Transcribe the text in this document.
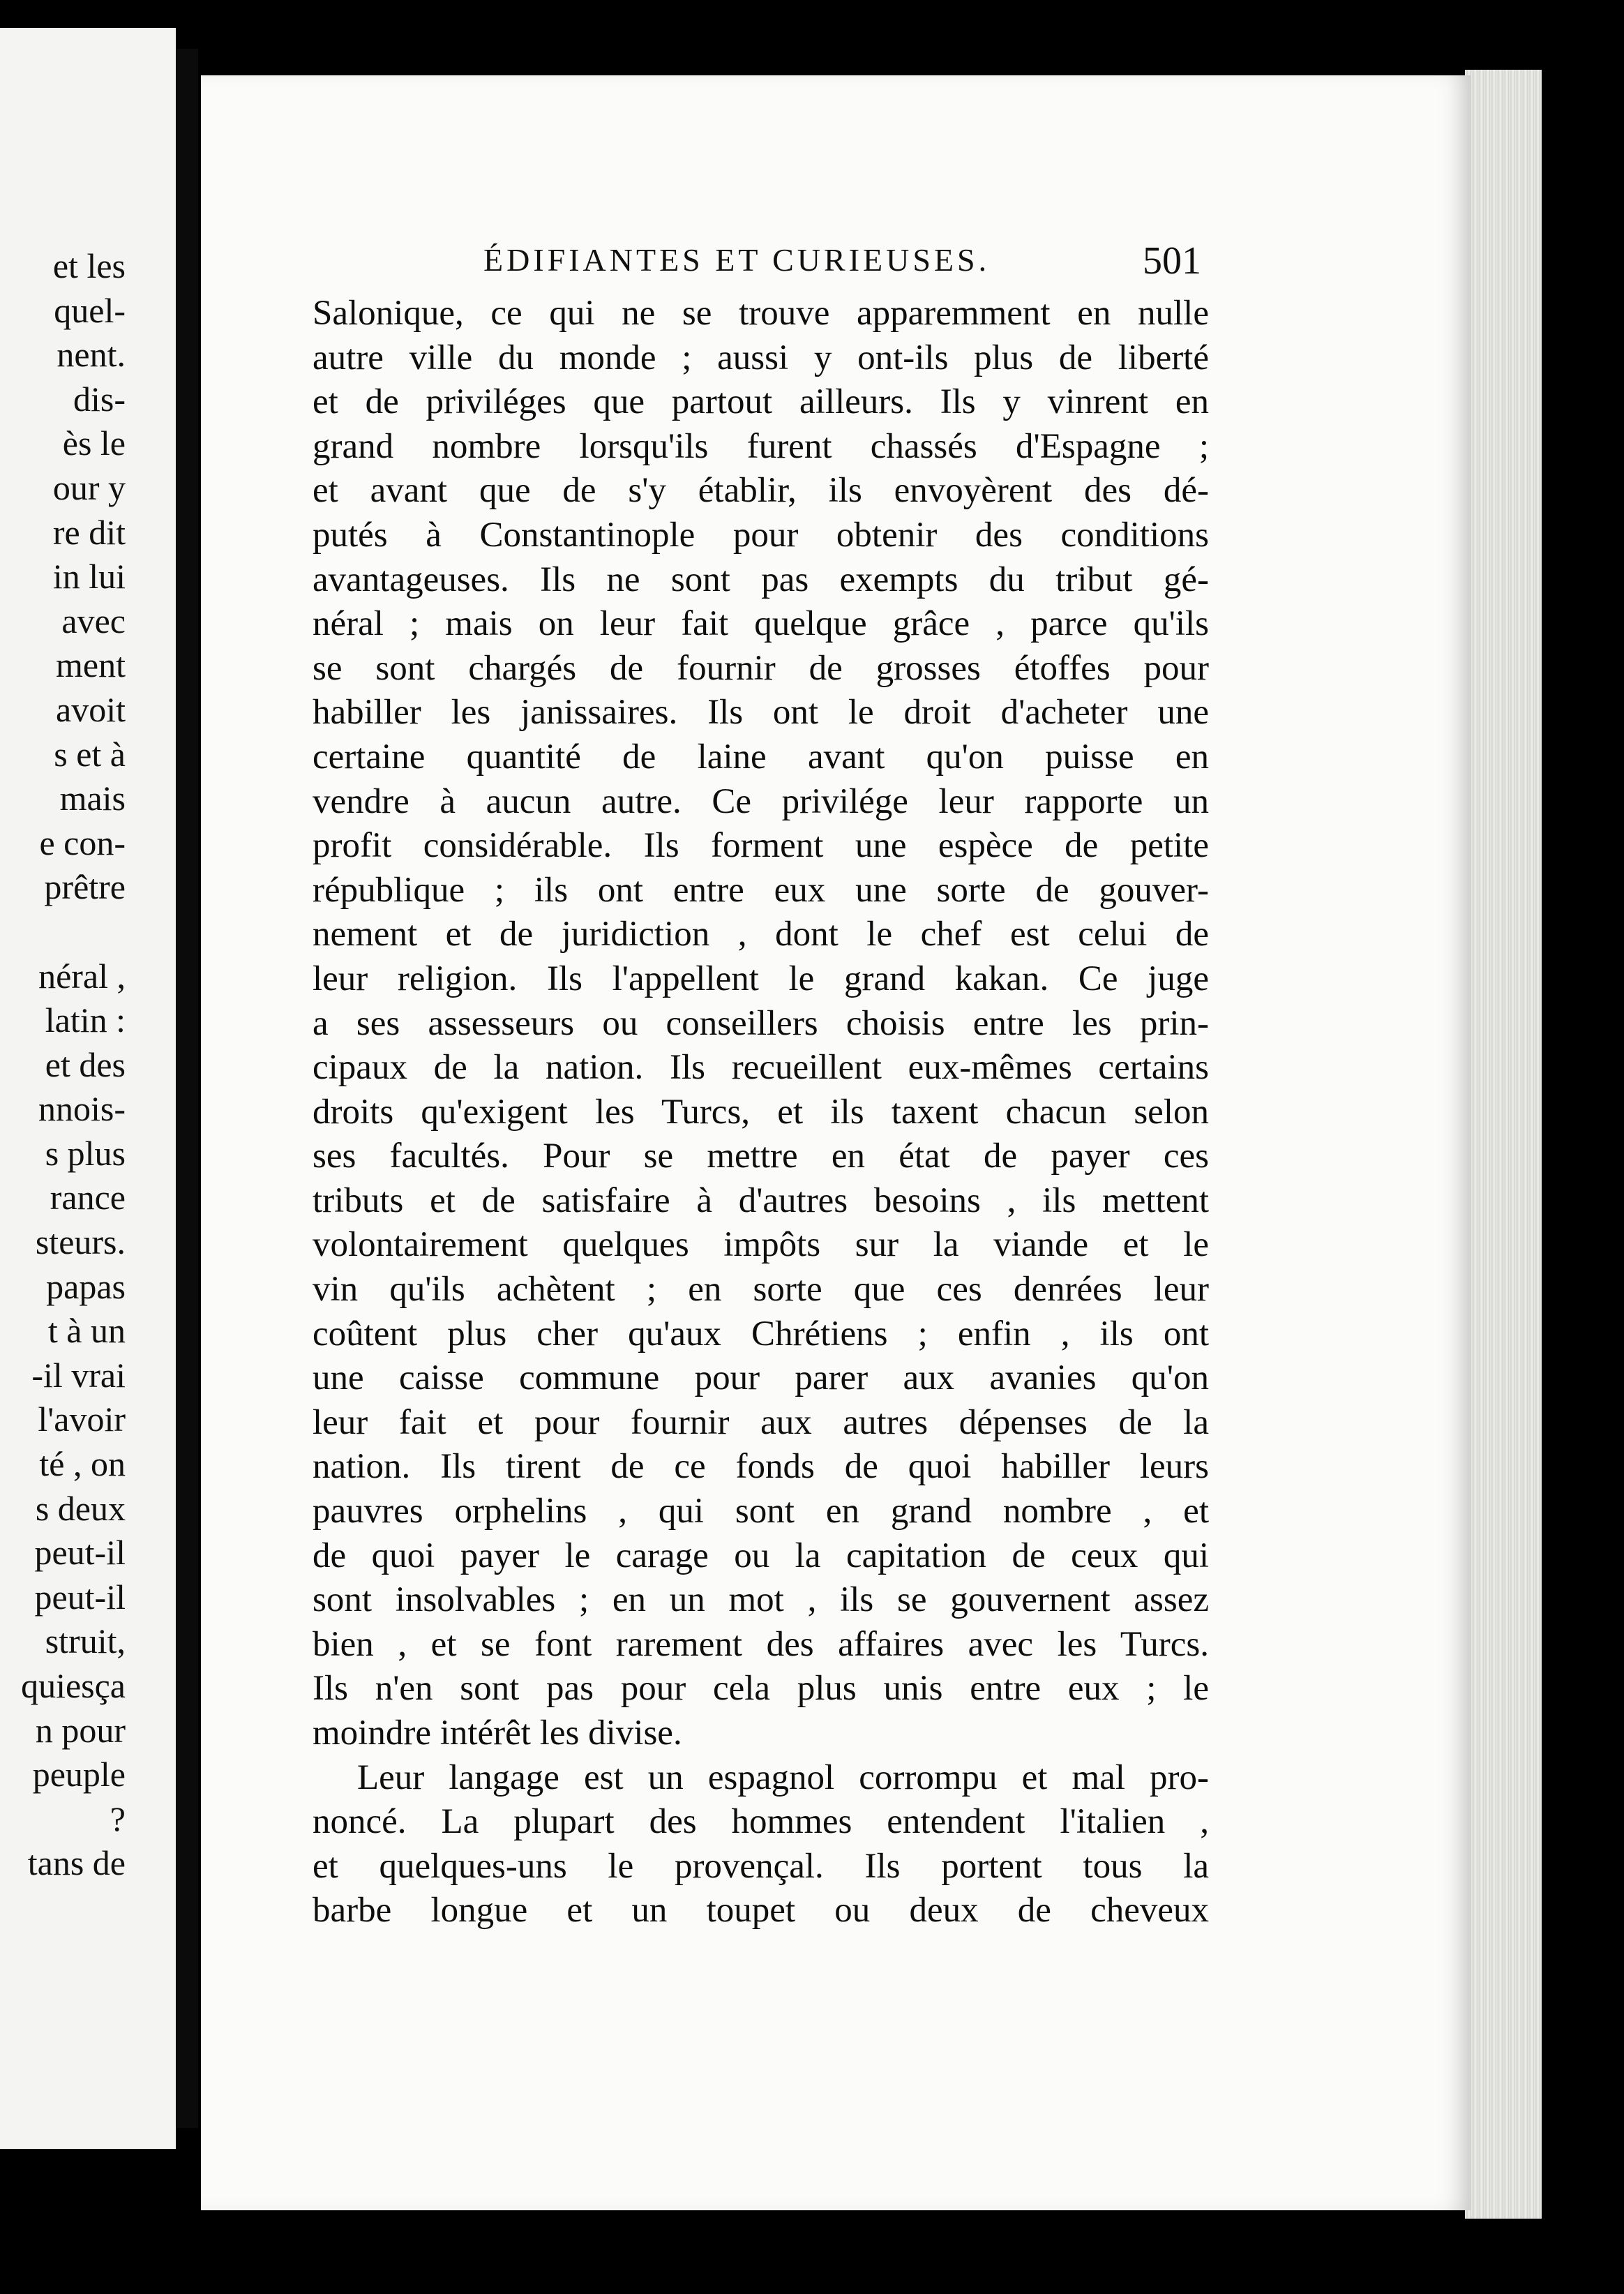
et les
quel-
nent.
dis-
ès le
our y
re dit
in lui
avec
ment
avoit
s et à
mais
e con-
prêtre
néral ,
latin :
et des
nnois-
s plus
rance
steurs.
papas
t à un
-il vrai
l'avoir
té , on
s deux
peut-il
peut-il
struit,
quiesça
n pour
peuple
?
tans de
ÉDIFIANTES ET CURIEUSES.	501
Salonique, ce qui ne se trouve apparemment en nulle
autre ville du monde ; aussi y ont-ils plus de liberté
et de priviléges que partout ailleurs. Ils y vinrent en
grand nombre lorsqu'ils furent chassés d'Espagne ;
et avant que de s'y établir, ils envoyèrent des dé-
putés à Constantinople pour obtenir des conditions
avantageuses. Ils ne sont pas exempts du tribut gé-
néral ; mais on leur fait quelque grâce , parce qu'ils
se sont chargés de fournir de grosses étoffes pour
habiller les janissaires. Ils ont le droit d'acheter une
certaine quantité de laine avant qu'on puisse en
vendre à aucun autre. Ce privilége leur rapporte un
profit considérable. Ils forment une espèce de petite
république ; ils ont entre eux une sorte de gouver-
nement et de juridiction , dont le chef est celui de
leur religion. Ils l'appellent le grand kakan. Ce juge
a ses assesseurs ou conseillers choisis entre les prin-
cipaux de la nation. Ils recueillent eux-mêmes certains
droits qu'exigent les Turcs, et ils taxent chacun selon
ses facultés. Pour se mettre en état de payer ces
tributs et de satisfaire à d'autres besoins , ils mettent
volontairement quelques impôts sur la viande et le
vin qu'ils achètent ; en sorte que ces denrées leur
coûtent plus cher qu'aux Chrétiens ; enfin , ils ont
une caisse commune pour parer aux avanies qu'on
leur fait et pour fournir aux autres dépenses de la
nation. Ils tirent de ce fonds de quoi habiller leurs
pauvres orphelins , qui sont en grand nombre , et
de quoi payer le carage ou la capitation de ceux qui
sont insolvables ; en un mot , ils se gouvernent assez
bien , et se font rarement des affaires avec les Turcs.
Ils n'en sont pas pour cela plus unis entre eux ; le
moindre intérêt les divise.
Leur langage est un espagnol corrompu et mal pro-
noncé. La plupart des hommes entendent l'italien ,
et quelques-uns le provençal. Ils portent tous la
barbe longue et un toupet ou deux de cheveux
